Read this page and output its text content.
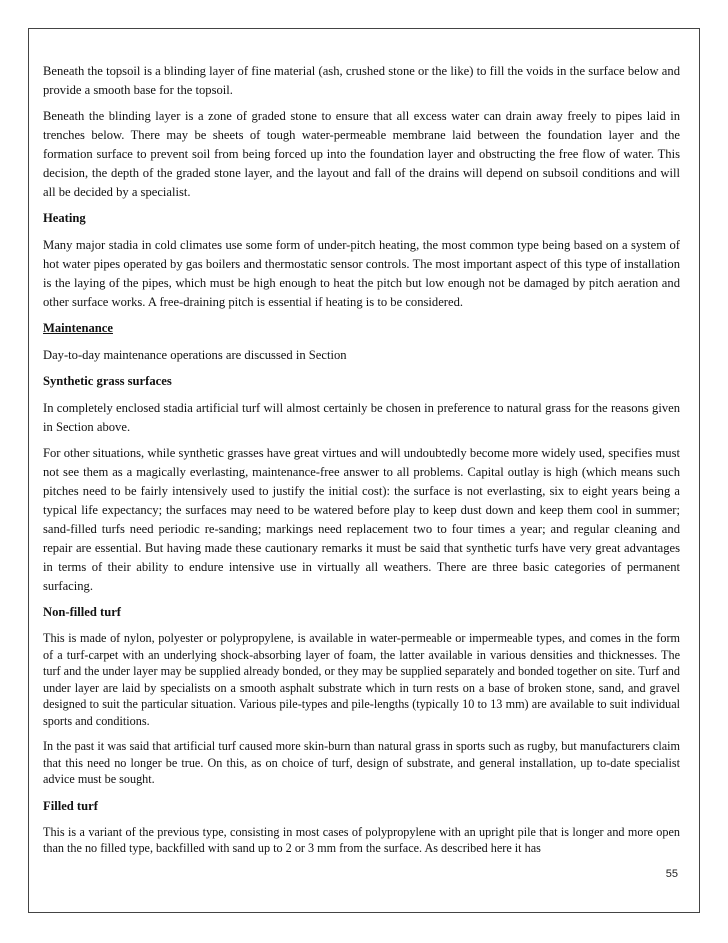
Beneath the topsoil is a blinding layer of fine material (ash, crushed stone or the like) to fill the voids in the surface below and provide a smooth base for the topsoil.

Beneath the blinding layer is a zone of graded stone to ensure that all excess water can drain away freely to pipes laid in trenches below. There may be sheets of tough water-permeable membrane laid between the foundation layer and the formation surface to prevent soil from being forced up into the foundation layer and obstructing the free flow of water. This decision, the depth of the graded stone layer, and the layout and fall of the drains will depend on subsoil conditions and will all be decided by a specialist.

Heating

Many major stadia in cold climates use some form of under-pitch heating, the most common type being based on a system of hot water pipes operated by gas boilers and thermostatic sensor controls. The most important aspect of this type of installation is the laying of the pipes, which must be high enough to heat the pitch but low enough not be damaged by pitch aeration and other surface works. A free-draining pitch is essential if heating is to be considered.

Maintenance

Day-to-day maintenance operations are discussed in Section

Synthetic grass surfaces

In completely enclosed stadia artificial turf will almost certainly be chosen in preference to natural grass for the reasons given in Section above.

For other situations, while synthetic grasses have great virtues and will undoubtedly become more widely used, specifies must not see them as a magically everlasting, maintenance-free answer to all problems. Capital outlay is high (which means such pitches need to be fairly intensively used to justify the initial cost): the surface is not everlasting, six to eight years being a typical life expectancy; the surfaces may need to be watered before play to keep dust down and keep them cool in summer; sand-filled turfs need periodic re-sanding; markings need replacement two to four times a year; and regular cleaning and repair are essential. But having made these cautionary remarks it must be said that synthetic turfs have very great advantages in terms of their ability to endure intensive use in virtually all weathers. There are three basic categories of permanent surfacing.

Non-filled turf

This is made of nylon, polyester or polypropylene, is available in water-permeable or impermeable types, and comes in the form of a turf-carpet with an underlying shock-absorbing layer of foam, the latter available in various densities and thicknesses. The turf and the under layer may be supplied already bonded, or they may be supplied separately and bonded together on site. Turf and under layer are laid by specialists on a smooth asphalt substrate which in turn rests on a base of broken stone, sand, and gravel designed to suit the particular situation. Various pile-types and pile-lengths (typically 10 to 13 mm) are available to suit individual sports and conditions.

In the past it was said that artificial turf caused more skin-burn than natural grass in sports such as rugby, but manufacturers claim that this need no longer be true. On this, as on choice of turf, design of substrate, and general installation, up to-date specialist advice must be sought.

Filled turf

This is a variant of the previous type, consisting in most cases of polypropylene with an upright pile that is longer and more open than the no filled type, backfilled with sand up to 2 or 3 mm from the surface. As described here it has

55
